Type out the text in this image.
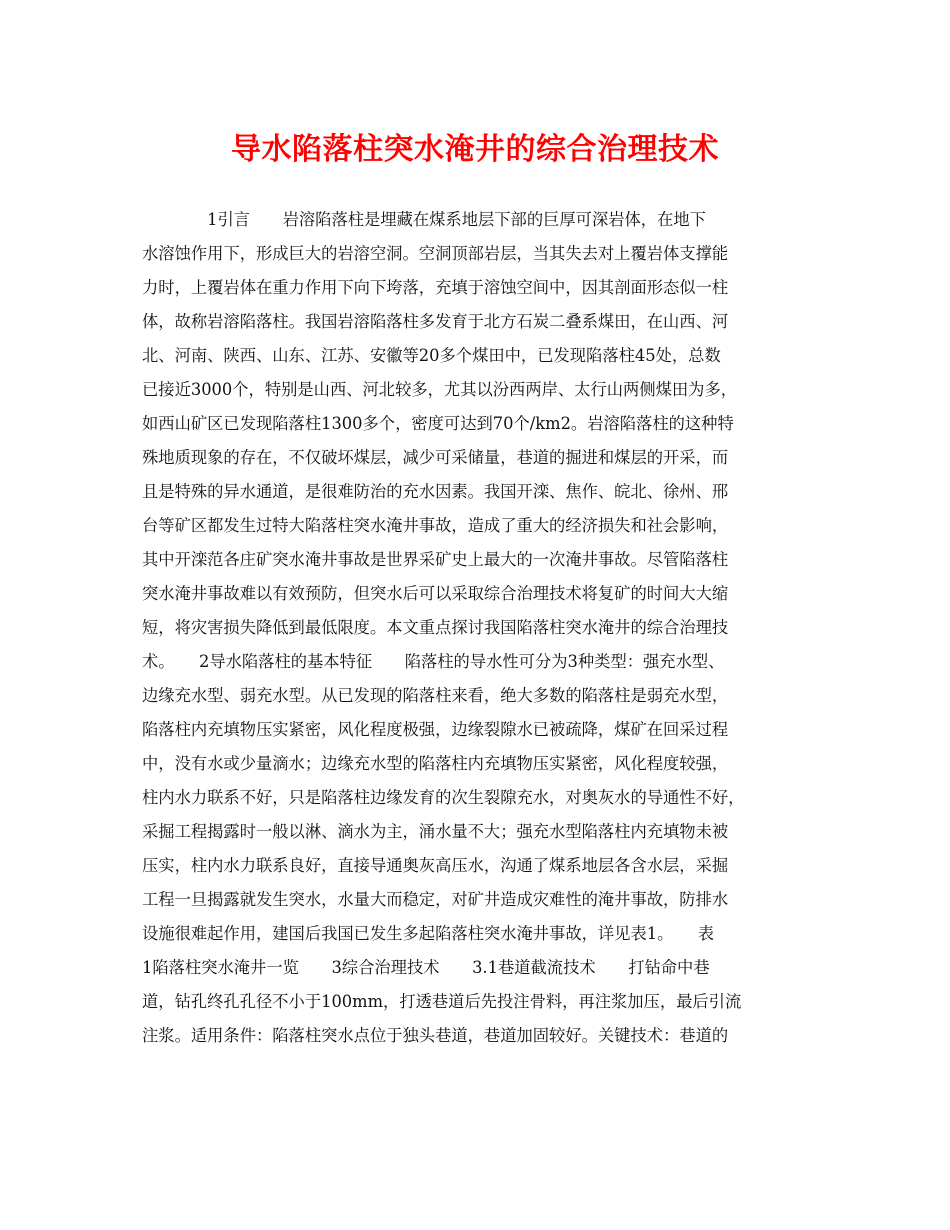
导水陷落柱突水淹井的综合治理技术
　　　　1引言　　岩溶陷落柱是埋藏在煤系地层下部的巨厚可深岩体，在地下
水溶蚀作用下，形成巨大的岩溶空洞。空洞顶部岩层，当其失去对上覆岩体支撑能
力时，上覆岩体在重力作用下向下垮落，充填于溶蚀空间中，因其剖面形态似一柱
体，故称岩溶陷落柱。我国岩溶陷落柱多发育于北方石炭二叠系煤田，在山西、河
北、河南、陕西、山东、江苏、安徽等20多个煤田中，已发现陷落柱45处，总数
已接近3000个，特别是山西、河北较多，尤其以汾西两岸、太行山两侧煤田为多，
如西山矿区已发现陷落柱1300多个，密度可达到70个/km2。岩溶陷落柱的这种特
殊地质现象的存在，不仅破坏煤层，减少可采储量，巷道的掘进和煤层的开采，而
且是特殊的异水通道，是很难防治的充水因素。我国开滦、焦作、皖北、徐州、邢
台等矿区都发生过特大陷落柱突水淹井事故，造成了重大的经济损失和社会影响，
其中开滦范各庄矿突水淹井事故是世界采矿史上最大的一次淹井事故。尽管陷落柱
突水淹井事故难以有效预防，但突水后可以采取综合治理技术将复矿的时间大大缩
短，将灾害损失降低到最低限度。本文重点探讨我国陷落柱突水淹井的综合治理技
术。　　2导水陷落柱的基本特征　　陷落柱的导水性可分为3种类型：强充水型、
边缘充水型、弱充水型。从已发现的陷落柱来看，绝大多数的陷落柱是弱充水型，
陷落柱内充填物压实紧密，风化程度极强，边缘裂隙水已被疏降，煤矿在回采过程
中，没有水或少量滴水；边缘充水型的陷落柱内充填物压实紧密，风化程度较强，
柱内水力联系不好，只是陷落柱边缘发育的次生裂隙充水，对奥灰水的导通性不好，
采掘工程揭露时一般以淋、滴水为主，涌水量不大；强充水型陷落柱内充填物未被
压实，柱内水力联系良好，直接导通奥灰高压水，沟通了煤系地层各含水层，采掘
工程一旦揭露就发生突水，水量大而稳定，对矿井造成灾难性的淹井事故，防排水
设施很难起作用，建国后我国已发生多起陷落柱突水淹井事故，详见表1。　　表
1陷落柱突水淹井一览　　3综合治理技术　　3.1巷道截流技术　　打钻命中巷
道，钻孔终孔孔径不小于100mm，打透巷道后先投注骨料，再注浆加压，最后引流
注浆。适用条件：陷落柱突水点位于独头巷道，巷道加固较好。关键技术：巷道的
